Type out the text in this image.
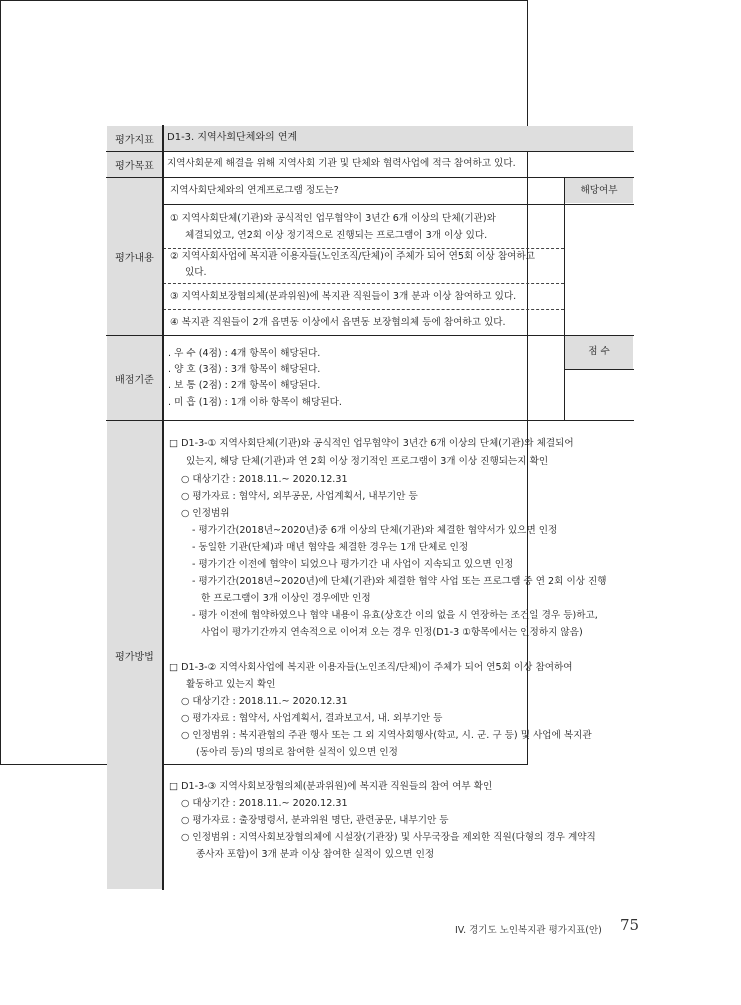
평가지표
평가목표
평가내용
배점기준
평가방법
D1-3. 지역사회단체와의 연계
지역사회문제 해결을 위해 지역사회 기관 및 단체와 협력사업에 적극 참여하고 있다.
지역사회단체와의 연계프로그램 정도는?	해당여부
① 지역사회단체(기관)와 공식적인 업무협약이 3년간 6개 이상의 단체(기관)와
체결되었고, 연2회 이상 정기적으로 진행되는 프로그램이 3개 이상 있다.
② 지역사회사업에 복지관 이용자들(노인조직/단체)이 주체가 되어 연5회 이상 참여하고
있다.
③ 지역사회보장협의체(분과위원)에 복지관 직원들이 3개 분과 이상 참여하고 있다.
④ 복지관 직원들이 2개 읍면동 이상에서 읍면동 보장협의체 등에 참여하고 있다.
점 수
. 우 수 (4점) : 4개 항목이 해당된다.
. 양 호 (3점) : 3개 항목이 해당된다.
. 보 통 (2점) : 2개 항목이 해당된다.
. 미 흡 (1점) : 1개 이하 항목이 해당된다.
□ D1-3-① 지역사회단체(기관)와 공식적인 업무협약이 3년간 6개 이상의 단체(기관)와 체결되어
있는지, 해당 단체(기관)과 연 2회 이상 정기적인 프로그램이 3개 이상 진행되는지 확인
○ 대상기간 : 2018.11.~ 2020.12.31
○ 평가자료 : 협약서, 외부공문, 사업계획서, 내부기안 등
○ 인정범위
- 평가기간(2018년~2020년)중 6개 이상의 단체(기관)와 체결한 협약서가 있으면 인정
- 동일한 기관(단체)과 매년 협약을 체결한 경우는 1개 단체로 인정
- 평가기간 이전에 협약이 되었으나 평가기간 내 사업이 지속되고 있으면 인정
- 평가기간(2018년~2020년)에 단체(기관)와 체결한 협약 사업 또는 프로그램 중 연 2회 이상 진행
한 프로그램이 3개 이상인 경우에만 인정
- 평가 이전에 협약하였으나 협약 내용이 유효(상호간 이의 없을 시 연장하는 조건일 경우 등)하고,
사업이 평가기간까지 연속적으로 이어져 오는 경우 인정(D1-3 ①항목에서는 인정하지 않음)
□ D1-3-② 지역사회사업에 복지관 이용자들(노인조직/단체)이 주체가 되어 연5회 이상 참여하여
활동하고 있는지 확인
○ 대상기간 : 2018.11.~ 2020.12.31
○ 평가자료 : 협약서, 사업계획서, 결과보고서, 내. 외부기안 등
○ 인정범위 : 복지관협의 주관 행사 또는 그 외 지역사회행사(학교, 시. 군. 구 등) 및 사업에 복지관
(동아리 등)의 명의로 참여한 실적이 있으면 인정
□ D1-3-③ 지역사회보장협의체(분과위원)에 복지관 직원들의 참여 여부 확인
○ 대상기간 : 2018.11.~ 2020.12.31
○ 평가자료 : 출장명령서, 분과위원 명단, 관련공문, 내부기안 등
○ 인정범위 : 지역사회보장협의체에 시설장(기관장) 및 사무국장을 제외한 직원(다형의 경우 계약직
종사자 포함)이 3개 분과 이상 참여한 실적이 있으면 인정
IV. 경기도 노인복지관 평가지표(안) 75
